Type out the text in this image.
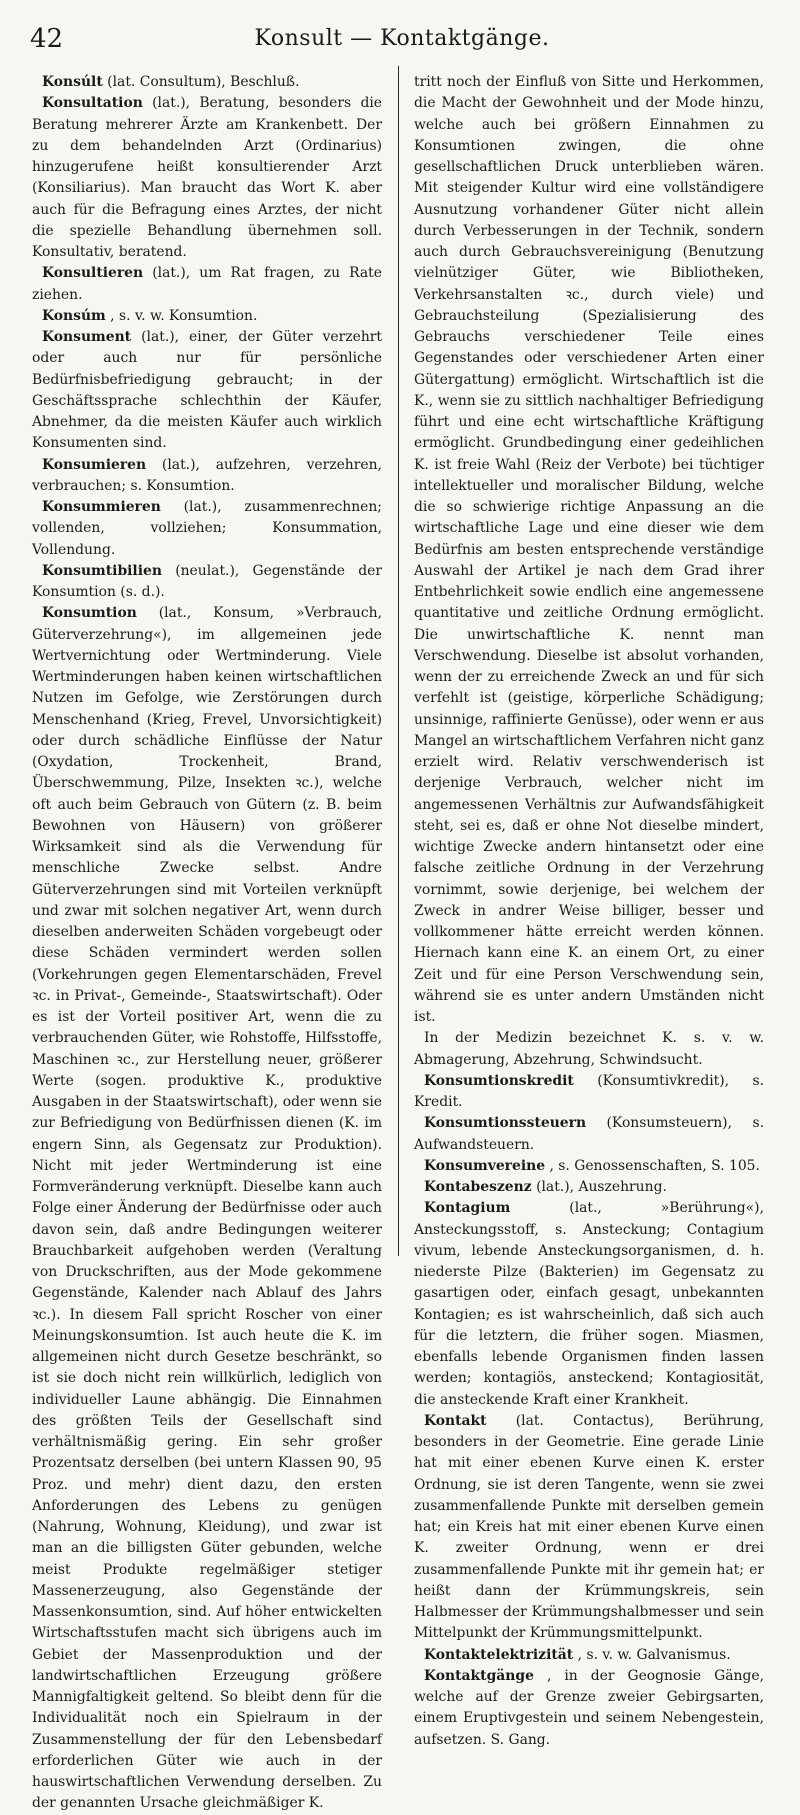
42	Konsult — Kontaktgänge.

Konsúlt (lat. Consultum), Beschluß.

Konsultation (lat.), Beratung, besonders die Beratung mehrerer Ärzte am Krankenbett. Der zu dem behandelnden Arzt (Ordinarius) hinzugerufene heißt konsultierender Arzt (Konsiliarius). Man braucht das Wort K. aber auch für die Befragung eines Arztes, der nicht die spezielle Behandlung übernehmen soll. Konsultativ, beratend.

Konsultieren (lat.), um Rat fragen, zu Rate ziehen.

Konsúm , s. v. w. Konsumtion.

Konsument (lat.), einer, der Güter verzehrt oder auch nur für persönliche Bedürfnisbefriedigung gebraucht; in der Geschäftssprache schlechthin der Käufer, Abnehmer, da die meisten Käufer auch wirklich Konsumenten sind.

Konsumieren (lat.), aufzehren, verzehren, verbrauchen; s. Konsumtion.

Konsummieren (lat.), zusammenrechnen; vollenden, vollziehen; Konsummation, Vollendung.

Konsumtibilien (neulat.), Gegenstände der Konsumtion (s. d.).

Konsumtion (lat., Konsum, »Verbrauch, Güterverzehrung«), im allgemeinen jede Wertvernichtung oder Wertminderung. Viele Wertminderungen haben keinen wirtschaftlichen Nutzen im Gefolge, wie Zerstörungen durch Menschenhand (Krieg, Frevel, Unvorsichtigkeit) oder durch schädliche Einflüsse der Natur (Oxydation, Trockenheit, Brand, Überschwemmung, Pilze, Insekten ꝛc.), welche oft auch beim Gebrauch von Gütern (z. B. beim Bewohnen von Häusern) von größerer Wirksamkeit sind als die Verwendung für menschliche Zwecke selbst. Andre Güterverzehrungen sind mit Vorteilen verknüpft und zwar mit solchen negativer Art, wenn durch dieselben anderweiten Schäden vorgebeugt oder diese Schäden vermindert werden sollen (Vorkehrungen gegen Elementarschäden, Frevel ꝛc. in Privat-, Gemeinde-, Staatswirtschaft). Oder es ist der Vorteil positiver Art, wenn die zu verbrauchenden Güter, wie Rohstoffe, Hilfsstoffe, Maschinen ꝛc., zur Herstellung neuer, größerer Werte (sogen. produktive K., produktive Ausgaben in der Staatswirtschaft), oder wenn sie zur Befriedigung von Bedürfnissen dienen (K. im engern Sinn, als Gegensatz zur Produktion). Nicht mit jeder Wertminderung ist eine Formveränderung verknüpft. Dieselbe kann auch Folge einer Änderung der Bedürfnisse oder auch davon sein, daß andre Bedingungen weiterer Brauchbarkeit aufgehoben werden (Veraltung von Druckschriften, aus der Mode gekommene Gegenstände, Kalender nach Ablauf des Jahrs ꝛc.). In diesem Fall spricht Roscher von einer Meinungskonsumtion. Ist auch heute die K. im allgemeinen nicht durch Gesetze beschränkt, so ist sie doch nicht rein willkürlich, lediglich von individueller Laune abhängig. Die Einnahmen des größten Teils der Gesellschaft sind verhältnismäßig gering. Ein sehr großer Prozentsatz derselben (bei untern Klassen 90, 95 Proz. und mehr) dient dazu, den ersten Anforderungen des Lebens zu genügen (Nahrung, Wohnung, Kleidung), und zwar ist man an die billigsten Güter gebunden, welche meist Produkte regelmäßiger stetiger Massenerzeugung, also Gegenstände der Massenkonsumtion, sind. Auf höher entwickelten Wirtschaftsstufen macht sich übrigens auch im Gebiet der Massenproduktion und der landwirtschaftlichen Erzeugung größere Mannigfaltigkeit geltend. So bleibt denn für die Individualität noch ein Spielraum in der Zusammenstellung der für den Lebensbedarf erforderlichen Güter wie auch in der hauswirtschaftlichen Verwendung derselben. Zu der genannten Ursache gleichmäßiger K.

tritt noch der Einfluß von Sitte und Herkommen, die Macht der Gewohnheit und der Mode hinzu, welche auch bei größern Einnahmen zu Konsumtionen zwingen, die ohne gesellschaftlichen Druck unterblieben wären. Mit steigender Kultur wird eine vollständigere Ausnutzung vorhandener Güter nicht allein durch Verbesserungen in der Technik, sondern auch durch Gebrauchsvereinigung (Benutzung vielnütziger Güter, wie Bibliotheken, Verkehrsanstalten ꝛc., durch viele) und Gebrauchsteilung (Spezialisierung des Gebrauchs verschiedener Teile eines Gegenstandes oder verschiedener Arten einer Gütergattung) ermöglicht. Wirtschaftlich ist die K., wenn sie zu sittlich nachhaltiger Befriedigung führt und eine echt wirtschaftliche Kräftigung ermöglicht. Grundbedingung einer gedeihlichen K. ist freie Wahl (Reiz der Verbote) bei tüchtiger intellektueller und moralischer Bildung, welche die so schwierige richtige Anpassung an die wirtschaftliche Lage und eine dieser wie dem Bedürfnis am besten entsprechende verständige Auswahl der Artikel je nach dem Grad ihrer Entbehrlichkeit sowie endlich eine angemessene quantitative und zeitliche Ordnung ermöglicht. Die unwirtschaftliche K. nennt man Verschwendung. Dieselbe ist absolut vorhanden, wenn der zu erreichende Zweck an und für sich verfehlt ist (geistige, körperliche Schädigung; unsinnige, raffinierte Genüsse), oder wenn er aus Mangel an wirtschaftlichem Verfahren nicht ganz erzielt wird. Relativ verschwenderisch ist derjenige Verbrauch, welcher nicht im angemessenen Verhältnis zur Aufwandsfähigkeit steht, sei es, daß er ohne Not dieselbe mindert, wichtige Zwecke andern hintansetzt oder eine falsche zeitliche Ordnung in der Verzehrung vornimmt, sowie derjenige, bei welchem der Zweck in andrer Weise billiger, besser und vollkommener hätte erreicht werden können. Hiernach kann eine K. an einem Ort, zu einer Zeit und für eine Person Verschwendung sein, während sie es unter andern Umständen nicht ist.

In der Medizin bezeichnet K. s. v. w. Abmagerung, Abzehrung, Schwindsucht.

Konsumtionskredit (Konsumtivkredit), s. Kredit.

Konsumtionssteuern (Konsumsteuern), s. Aufwandsteuern.

Konsumvereine , s. Genossenschaften, S. 105.

Kontabeszenz (lat.), Auszehrung.

Kontagium	(lat., »Berührung«), Ansteckungsstoff, s. Ansteckung; Contagium vivum, lebende Ansteckungsorganismen, d. h. niederste Pilze (Bakterien) im Gegensatz zu gasartigen oder, einfach gesagt, unbekannten Kontagien; es ist wahrscheinlich, daß sich auch für die letztern, die früher sogen. Miasmen, ebenfalls lebende Organismen finden lassen werden; kontagiös, ansteckend; Kontagiosität, die ansteckende Kraft einer Krankheit.

Kontakt (lat. Contactus), Berührung, besonders in der Geometrie. Eine gerade Linie hat mit einer ebenen Kurve einen K. erster Ordnung, sie ist deren Tangente, wenn sie zwei zusammenfallende Punkte mit derselben gemein hat; ein Kreis hat mit einer ebenen Kurve einen K. zweiter Ordnung, wenn er drei zusammenfallende Punkte mit ihr gemein hat; er heißt dann der Krümmungskreis, sein Halbmesser der Krümmungshalbmesser und sein Mittelpunkt der Krümmungsmittelpunkt.

Kontaktelektrizität , s. v. w. Galvanismus.

Kontaktgänge , in der Geognosie Gänge, welche auf der Grenze zweier Gebirgsarten, einem Eruptivgestein und seinem Nebengestein, aufsetzen. S. Gang.
